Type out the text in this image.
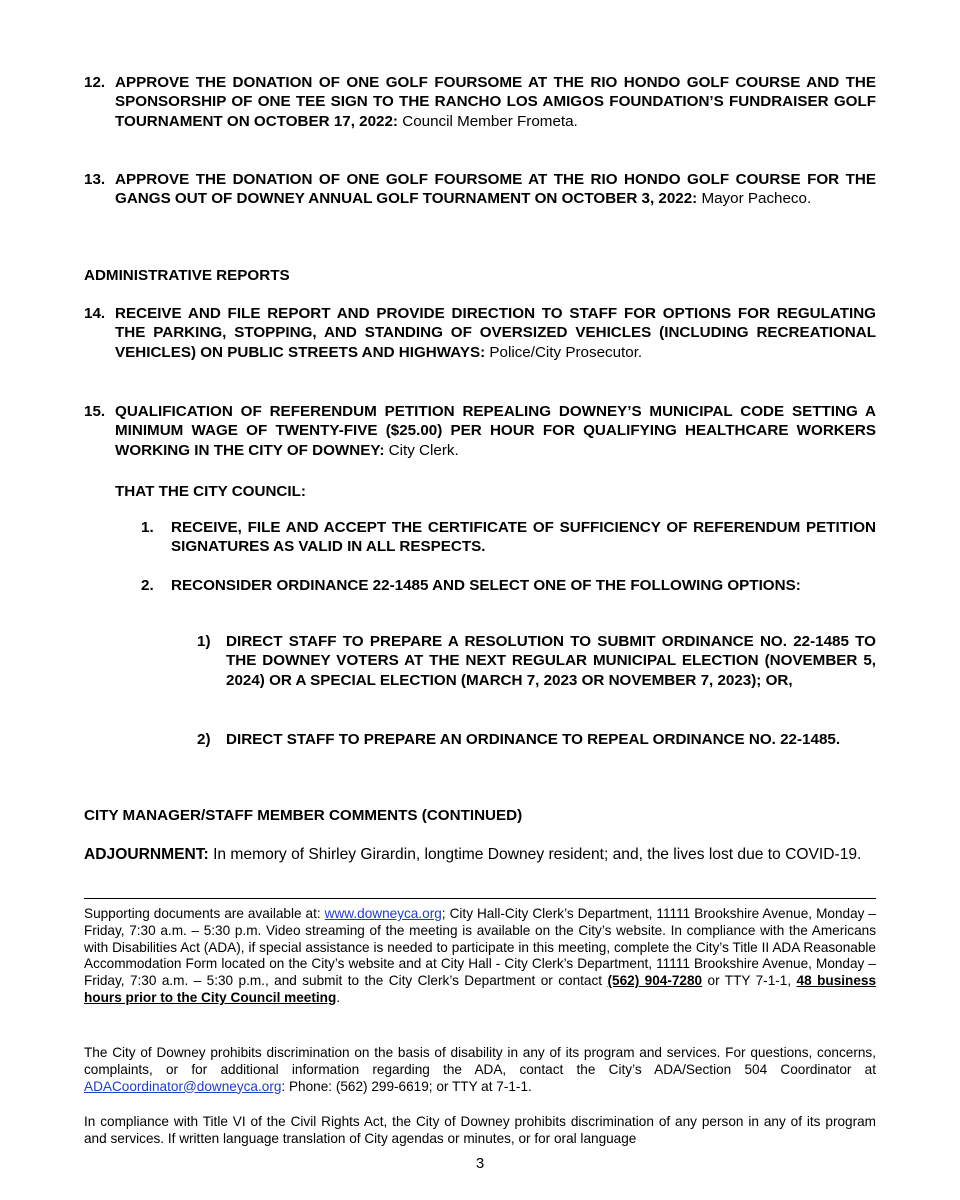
12. APPROVE THE DONATION OF ONE GOLF FOURSOME AT THE RIO HONDO GOLF COURSE AND THE SPONSORSHIP OF ONE TEE SIGN TO THE RANCHO LOS AMIGOS FOUNDATION’S FUNDRAISER GOLF TOURNAMENT ON OCTOBER 17, 2022: Council Member Frometa.
13. APPROVE THE DONATION OF ONE GOLF FOURSOME AT THE RIO HONDO GOLF COURSE FOR THE GANGS OUT OF DOWNEY ANNUAL GOLF TOURNAMENT ON OCTOBER 3, 2022: Mayor Pacheco.
ADMINISTRATIVE REPORTS
14. RECEIVE AND FILE REPORT AND PROVIDE DIRECTION TO STAFF FOR OPTIONS FOR REGULATING THE PARKING, STOPPING, AND STANDING OF OVERSIZED VEHICLES (INCLUDING RECREATIONAL VEHICLES) ON PUBLIC STREETS AND HIGHWAYS: Police/City Prosecutor.
15. QUALIFICATION OF REFERENDUM PETITION REPEALING DOWNEY’S MUNICIPAL CODE SETTING A MINIMUM WAGE OF TWENTY-FIVE ($25.00) PER HOUR FOR QUALIFYING HEALTHCARE WORKERS WORKING IN THE CITY OF DOWNEY: City Clerk.
THAT THE CITY COUNCIL:
1. RECEIVE, FILE AND ACCEPT THE CERTIFICATE OF SUFFICIENCY OF REFERENDUM PETITION SIGNATURES AS VALID IN ALL RESPECTS.
2. RECONSIDER ORDINANCE 22-1485 AND SELECT ONE OF THE FOLLOWING OPTIONS:
1) DIRECT STAFF TO PREPARE A RESOLUTION TO SUBMIT ORDINANCE NO. 22-1485 TO THE DOWNEY VOTERS AT THE NEXT REGULAR MUNICIPAL ELECTION (NOVEMBER 5, 2024) OR A SPECIAL ELECTION (MARCH 7, 2023 OR NOVEMBER 7, 2023); OR,
2) DIRECT STAFF TO PREPARE AN ORDINANCE TO REPEAL ORDINANCE NO. 22-1485.
CITY MANAGER/STAFF MEMBER COMMENTS (CONTINUED)
ADJOURNMENT: In memory of Shirley Girardin, longtime Downey resident; and, the lives lost due to COVID-19.
Supporting documents are available at: www.downeyca.org; City Hall-City Clerk’s Department, 11111 Brookshire Avenue, Monday – Friday, 7:30 a.m. – 5:30 p.m. Video streaming of the meeting is available on the City’s website. In compliance with the Americans with Disabilities Act (ADA), if special assistance is needed to participate in this meeting, complete the City’s Title II ADA Reasonable Accommodation Form located on the City’s website and at City Hall - City Clerk’s Department, 11111 Brookshire Avenue, Monday – Friday, 7:30 a.m. – 5:30 p.m., and submit to the City Clerk’s Department or contact (562) 904-7280 or TTY 7-1-1, 48 business hours prior to the City Council meeting.
The City of Downey prohibits discrimination on the basis of disability in any of its program and services. For questions, concerns, complaints, or for additional information regarding the ADA, contact the City’s ADA/Section 504 Coordinator at ADACoordinator@downeyca.org: Phone: (562) 299-6619; or TTY at 7-1-1.
In compliance with Title VI of the Civil Rights Act, the City of Downey prohibits discrimination of any person in any of its program and services. If written language translation of City agendas or minutes, or for oral language
3
